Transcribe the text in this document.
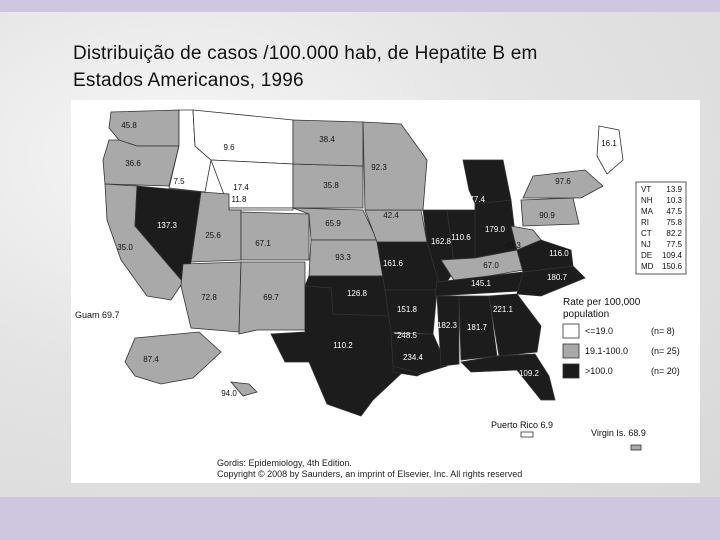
Distribuição de casos /100.000 hab, de Hepatite B em
Estados Americanos, 1996
45.8
36.6
35.0
7.5
137.3
9.6
17.4
11.8
25.6
72.8
67.1
69.7
35.8
65.9
93.3
126.8
110.2
38.4
42.4
161.6
151.8
248.5
234.4
92.3
162.8
177.4
110.6
179.0
67.0
145.1
182.3 181.7
109.2
221.1
180.7
116.0
49.3
90.9
97.6
16.1
87.4
94.0
Guam 69.7
Puerto Rico 6.9
Virgin Is. 68.9
VT 13.9
NH 10.3
MA 47.5
RI 75.8
CT 82.2
NJ 77.5
DE 109.4
MD 150.6
Rate per 100,000
population
<=19.0	(n= 8)
19.1-100.0	(n= 25)
>100.0	(n= 20)
Gordis: Epidemiology, 4th Edition.
Copyright © 2008 by Saunders, an imprint of Elsevier, Inc. All rights reserved
